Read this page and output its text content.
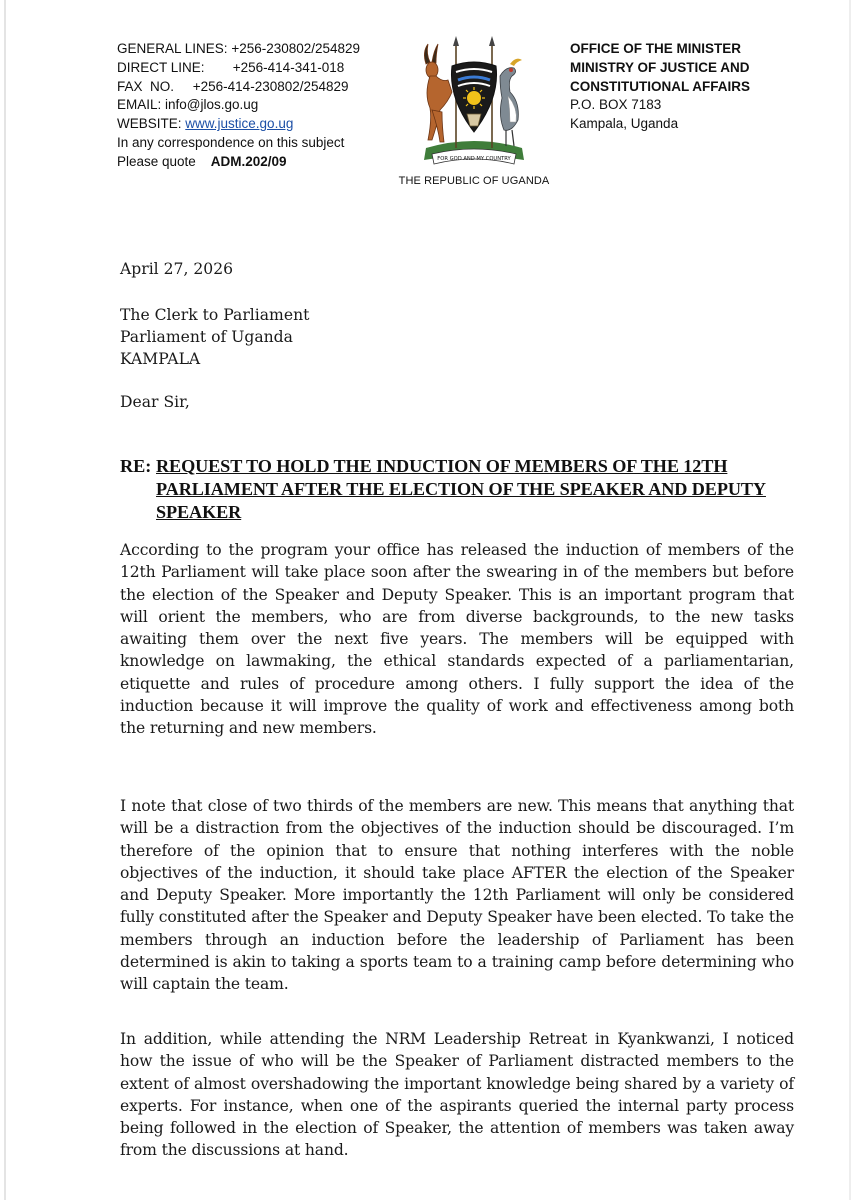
GENERAL LINES: +256-230802/254829
DIRECT LINE: +256-414-341-018
FAX  NO. +256-414-230802/254829
EMAIL: info@jlos.go.ug
WEBSITE: www.justice.go.ug
In any correspondence on this subject
Please quote ADM.202/09	FOR GOD AND MY COUNTRY
THE REPUBLIC OF UGANDA
OFFICE OF THE MINISTER
MINISTRY OF JUSTICE AND
CONSTITUTIONAL AFFAIRS
P.O. BOX 7183
Kampala, Uganda
April 27, 2026
The Clerk to Parliament
Parliament of Uganda
KAMPALA
Dear Sir,
RE: REQUEST TO HOLD THE INDUCTION OF MEMBERS OF THE 12TH PARLIAMENT AFTER THE ELECTION OF THE SPEAKER AND DEPUTY SPEAKER
According to the program your office has released the induction of members of the 12th Parliament will take place soon after the swearing in of the members but before the election of the Speaker and Deputy Speaker. This is an important program that will orient the members, who are from diverse backgrounds, to the new tasks awaiting them over the next five years. The members will be equipped with knowledge on lawmaking, the ethical standards expected of a parliamentarian, etiquette and rules of procedure among others. I fully support the idea of the induction because it will improve the quality of work and effectiveness among both the returning and new members.
I note that close of two thirds of the members are new. This means that anything that will be a distraction from the objectives of the induction should be discouraged. I’m therefore of the opinion that to ensure that nothing interferes with the noble objectives of the induction, it should take place AFTER the election of the Speaker and Deputy Speaker. More importantly the 12th Parliament will only be considered fully constituted after the Speaker and Deputy Speaker have been elected. To take the members through an induction before the leadership of Parliament has been determined is akin to taking a sports team to a training camp before determining who will captain the team.
In addition, while attending the NRM Leadership Retreat in Kyankwanzi, I noticed how the issue of who will be the Speaker of Parliament distracted members to the extent of almost overshadowing the important knowledge being shared by a variety of experts. For instance, when one of the aspirants queried the internal party process being followed in the election of Speaker, the attention of members was taken away from the discussions at hand.
